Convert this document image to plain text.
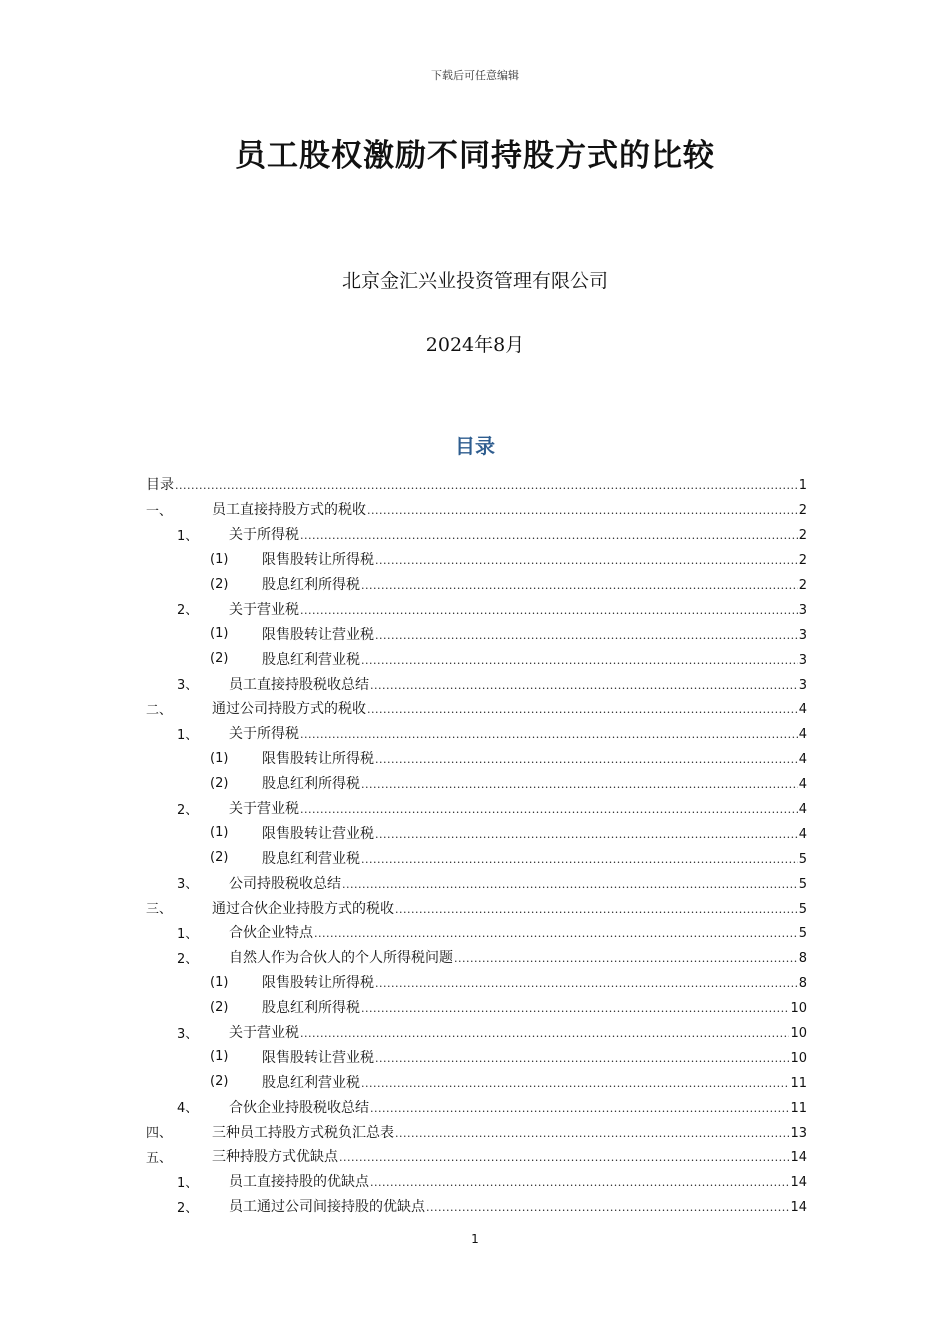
下载后可任意编辑
员工股权激励不同持股方式的比较
北京金汇兴业投资管理有限公司
2024年8月
目录
目录 .....	1
一、	员工直接持股方式的税收 .....	2
1、 关于所得税 .....	2
(1) 限售股转让所得税 .....	2
(2) 股息红利所得税 .....	2
2、 关于营业税 .....	3
(1) 限售股转让营业税 .....	3
(2) 股息红利营业税 .....	3
3、 员工直接持股税收总结 .....	3
二、	通过公司持股方式的税收 .....	4
1、 关于所得税 .....	4
(1) 限售股转让所得税 .....	4
(2) 股息红利所得税 .....	4
2、 关于营业税 .....	4
(1) 限售股转让营业税 .....	4
(2) 股息红利营业税 .....	5
3、 公司持股税收总结 .....	5
三、	通过合伙企业持股方式的税收 .....	5
1、 合伙企业特点 .....	5
2、 自然人作为合伙人的个人所得税问题 .....	8
(1) 限售股转让所得税 .....	8
(2) 股息红利所得税 .....	10
3、 关于营业税 .....	10
(1) 限售股转让营业税 .....	10
(2) 股息红利营业税 .....	11
4、 合伙企业持股税收总结 .....	11
四、	三种员工持股方式税负汇总表 .....	13
五、	三种持股方式优缺点 .....	14
1、 员工直接持股的优缺点 .....	14
2、 员工通过公司间接持股的优缺点 .....	14
1
